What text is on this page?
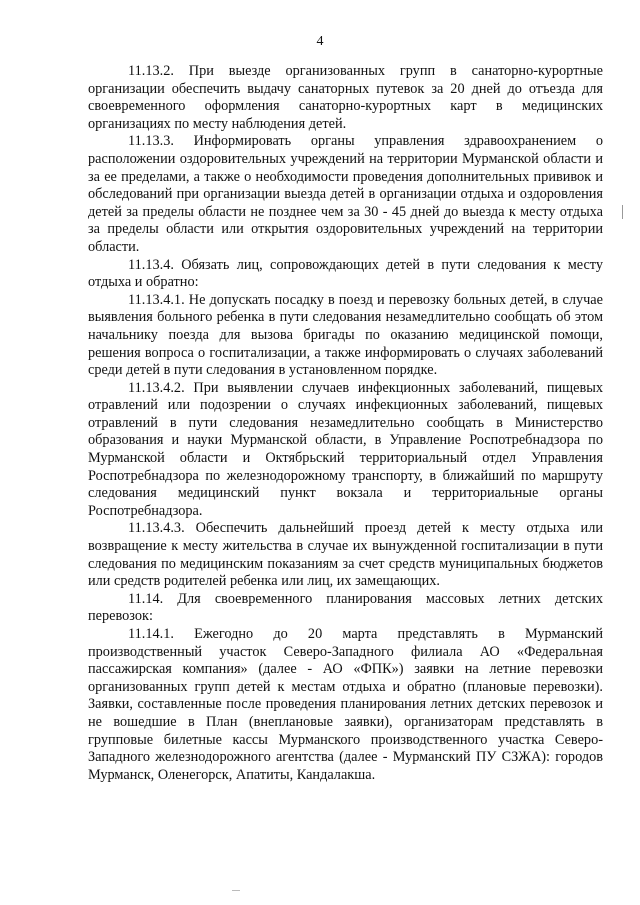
4

11.13.2. При выезде организованных групп в санаторно-курортные организации обеспечить выдачу санаторных путевок за 20 дней до отъезда для своевременного оформления санаторно-курортных карт в медицинских организациях по месту наблюдения детей.

11.13.3. Информировать органы управления здравоохранением о расположении оздоровительных учреждений на территории Мурманской области и за ее пределами, а также о необходимости проведения дополнительных прививок и обследований при организации выезда детей в организации отдыха и оздоровления детей за пределы области не позднее чем за 30 - 45 дней до выезда к месту отдыха за пределы области или открытия оздоровительных учреждений на территории области.

11.13.4. Обязать лиц, сопровождающих детей в пути следования к месту отдыха и обратно:

11.13.4.1. Не допускать посадку в поезд и перевозку больных детей, в случае выявления больного ребенка в пути следования незамедлительно сообщать об этом начальнику поезда для вызова бригады по оказанию медицинской помощи, решения вопроса о госпитализации, а также информировать о случаях заболеваний среди детей в пути следования в установленном порядке.

11.13.4.2. При выявлении случаев инфекционных заболеваний, пищевых отравлений или подозрении о случаях инфекционных заболеваний, пищевых отравлений в пути следования незамедлительно сообщать в Министерство образования и науки Мурманской области, в Управление Роспотребнадзора по Мурманской области и Октябрьский территориальный отдел Управления Роспотребнадзора по железнодорожному транспорту, в ближайший по маршруту следования медицинский пункт вокзала и территориальные органы Роспотребнадзора.

11.13.4.3. Обеспечить дальнейший проезд детей к месту отдыха или возвращение к месту жительства в случае их вынужденной госпитализации в пути следования по медицинским показаниям за счет средств муниципальных бюджетов или средств родителей ребенка или лиц, их замещающих.

11.14. Для своевременного планирования массовых летних детских перевозок:

11.14.1. Ежегодно до 20 марта представлять в Мурманский производственный участок Северо-Западного филиала АО «Федеральная пассажирская компания» (далее - АО «ФПК») заявки на летние перевозки организованных групп детей к местам отдыха и обратно (плановые перевозки). Заявки, составленные после проведения планирования летних детских перевозок и не вошедшие в План (внеплановые заявки), организаторам представлять в групповые билетные кассы Мурманского производственного участка Северо-Западного железнодорожного агентства (далее - Мурманский ПУ СЗЖА): городов Мурманск, Оленегорск, Апатиты, Кандалакша.
